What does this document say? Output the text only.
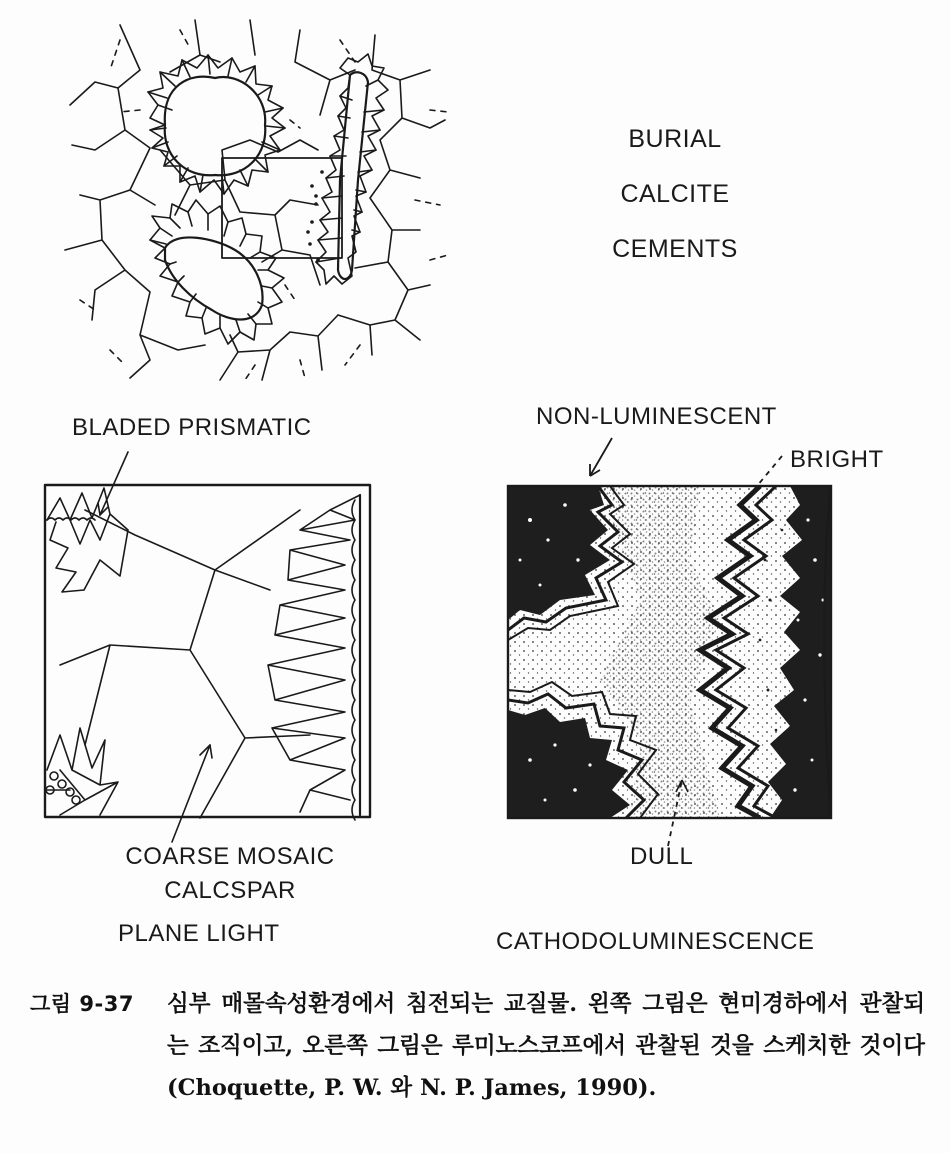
BURIAL
CALCITE
CEMENTS
BLADED PRISMATIC
COARSE MOSAIC
CALCSPAR
PLANE LIGHT
NON-LUMINESCENT
BRIGHT
DULL
CATHODOLUMINESCENCE
그림 9-37 심부 매몰속성환경에서 침전되는 교질물. 왼쪽 그림은 현미경하에서 관찰되는 조직이고, 오른쪽 그림은 루미노스코프에서 관찰된 것을 스케치한 것이다(Choquette, P. W. 와 N. P. James, 1990).
